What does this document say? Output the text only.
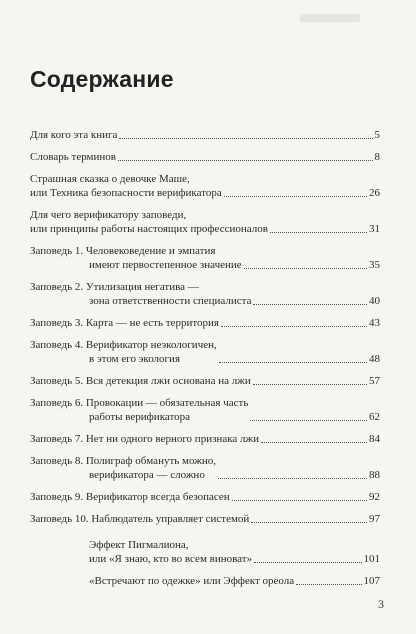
Содержание
Для кого эта книга	5
Словарь терминов	8
Страшная сказка о девочке Маше,
или Техника безопасности верификатора	26
Для чего верификатору заповеди,
или принципы работы настоящих профессионалов	31
Заповедь 1. Человековедение и эмпатия
имеют первостепенное значение	35
Заповедь 2. Утилизация негатива —
зона ответственности специалиста	40
Заповедь 3. Карта — не есть территория	43
Заповедь 4. Верификатор неэкологичен,
в этом его экология	48
Заповедь 5. Вся детекция лжи основана на лжи	57
Заповедь 6. Провокации — обязательная часть
работы верификатора	62
Заповедь 7. Нет ни одного верного признака лжи	84
Заповедь 8. Полиграф обмануть можно,
верификатора — сложно	88
Заповедь 9. Верификатор всегда безопасен	92
Заповедь 10. Наблюдатель управляет системой	97
Эффект Пигмалиона,
или «Я знаю, кто во всем виноват»	101
«Встречают по одежке» или Эффект ореола	107
3
